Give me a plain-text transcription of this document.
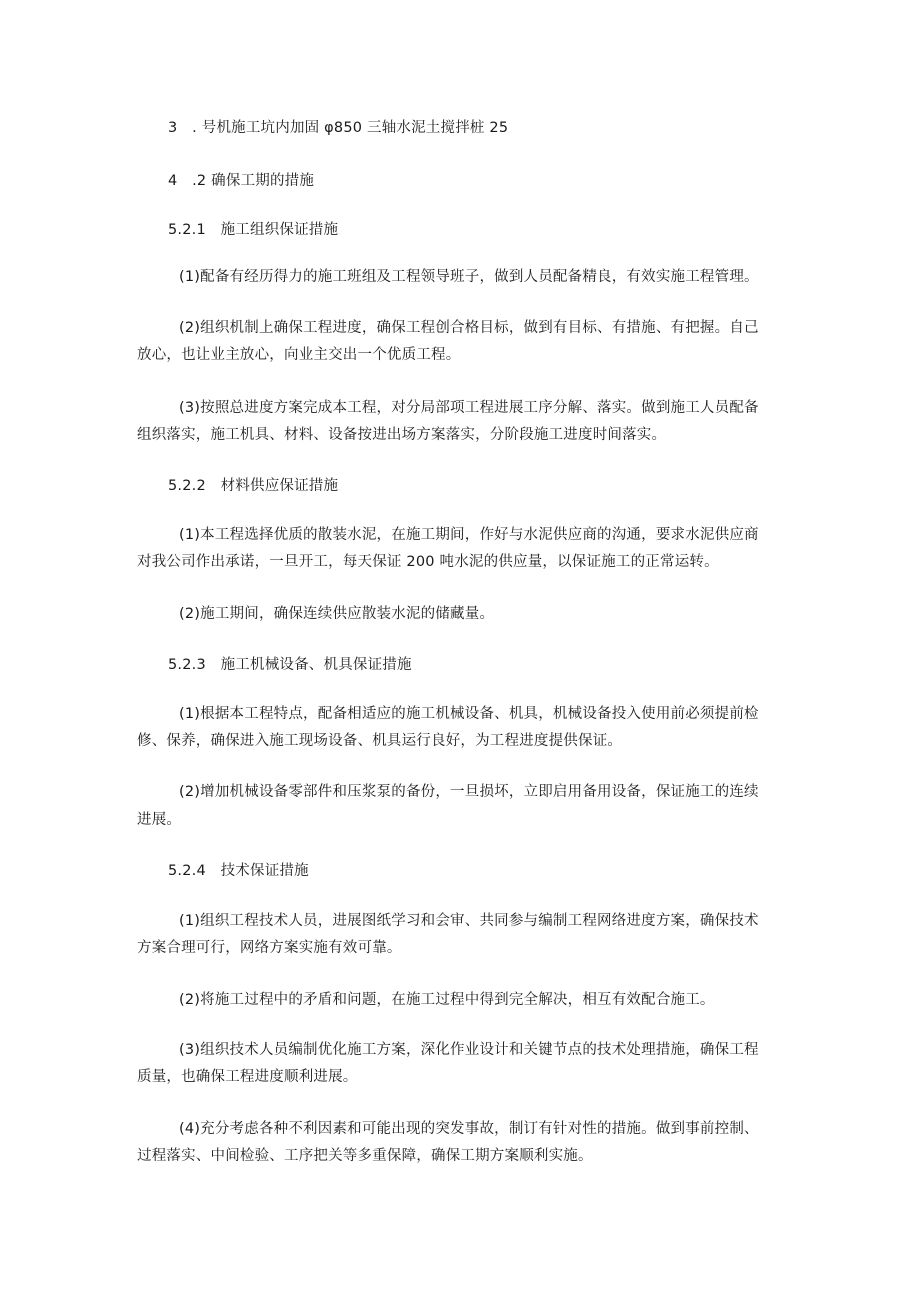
3　. 号机施工坑内加固 φ850 三轴水泥土搅拌桩 25
4　.2 确保工期的措施
5.2.1　施工组织保证措施
(1)配备有经历得力的施工班组及工程领导班子，做到人员配备精良，有效实施工程管理。
(2)组织机制上确保工程进度，确保工程创合格目标，做到有目标、有措施、有把握。自己
放心，也让业主放心，向业主交出一个优质工程。
(3)按照总进度方案完成本工程，对分局部项工程进展工序分解、落实。做到施工人员配备
组织落实，施工机具、材料、设备按进出场方案落实，分阶段施工进度时间落实。
5.2.2　材料供应保证措施
(1)本工程选择优质的散装水泥，在施工期间，作好与水泥供应商的沟通，要求水泥供应商
对我公司作出承诺，一旦开工，每天保证 200 吨水泥的供应量，以保证施工的正常运转。
(2)施工期间，确保连续供应散装水泥的储藏量。
5.2.3　施工机械设备、机具保证措施
(1)根据本工程特点，配备相适应的施工机械设备、机具，机械设备投入使用前必须提前检
修、保养，确保进入施工现场设备、机具运行良好，为工程进度提供保证。
(2)增加机械设备零部件和压浆泵的备份，一旦损坏，立即启用备用设备，保证施工的连续
进展。
5.2.4　技术保证措施
(1)组织工程技术人员，进展图纸学习和会审、共同参与编制工程网络进度方案，确保技术
方案合理可行，网络方案实施有效可靠。
(2)将施工过程中的矛盾和问题，在施工过程中得到完全解决，相互有效配合施工。
(3)组织技术人员编制优化施工方案，深化作业设计和关键节点的技术处理措施，确保工程
质量，也确保工程进度顺利进展。
(4)充分考虑各种不利因素和可能出现的突发事故，制订有针对性的措施。做到事前控制、
过程落实、中间检验、工序把关等多重保障，确保工期方案顺利实施。
